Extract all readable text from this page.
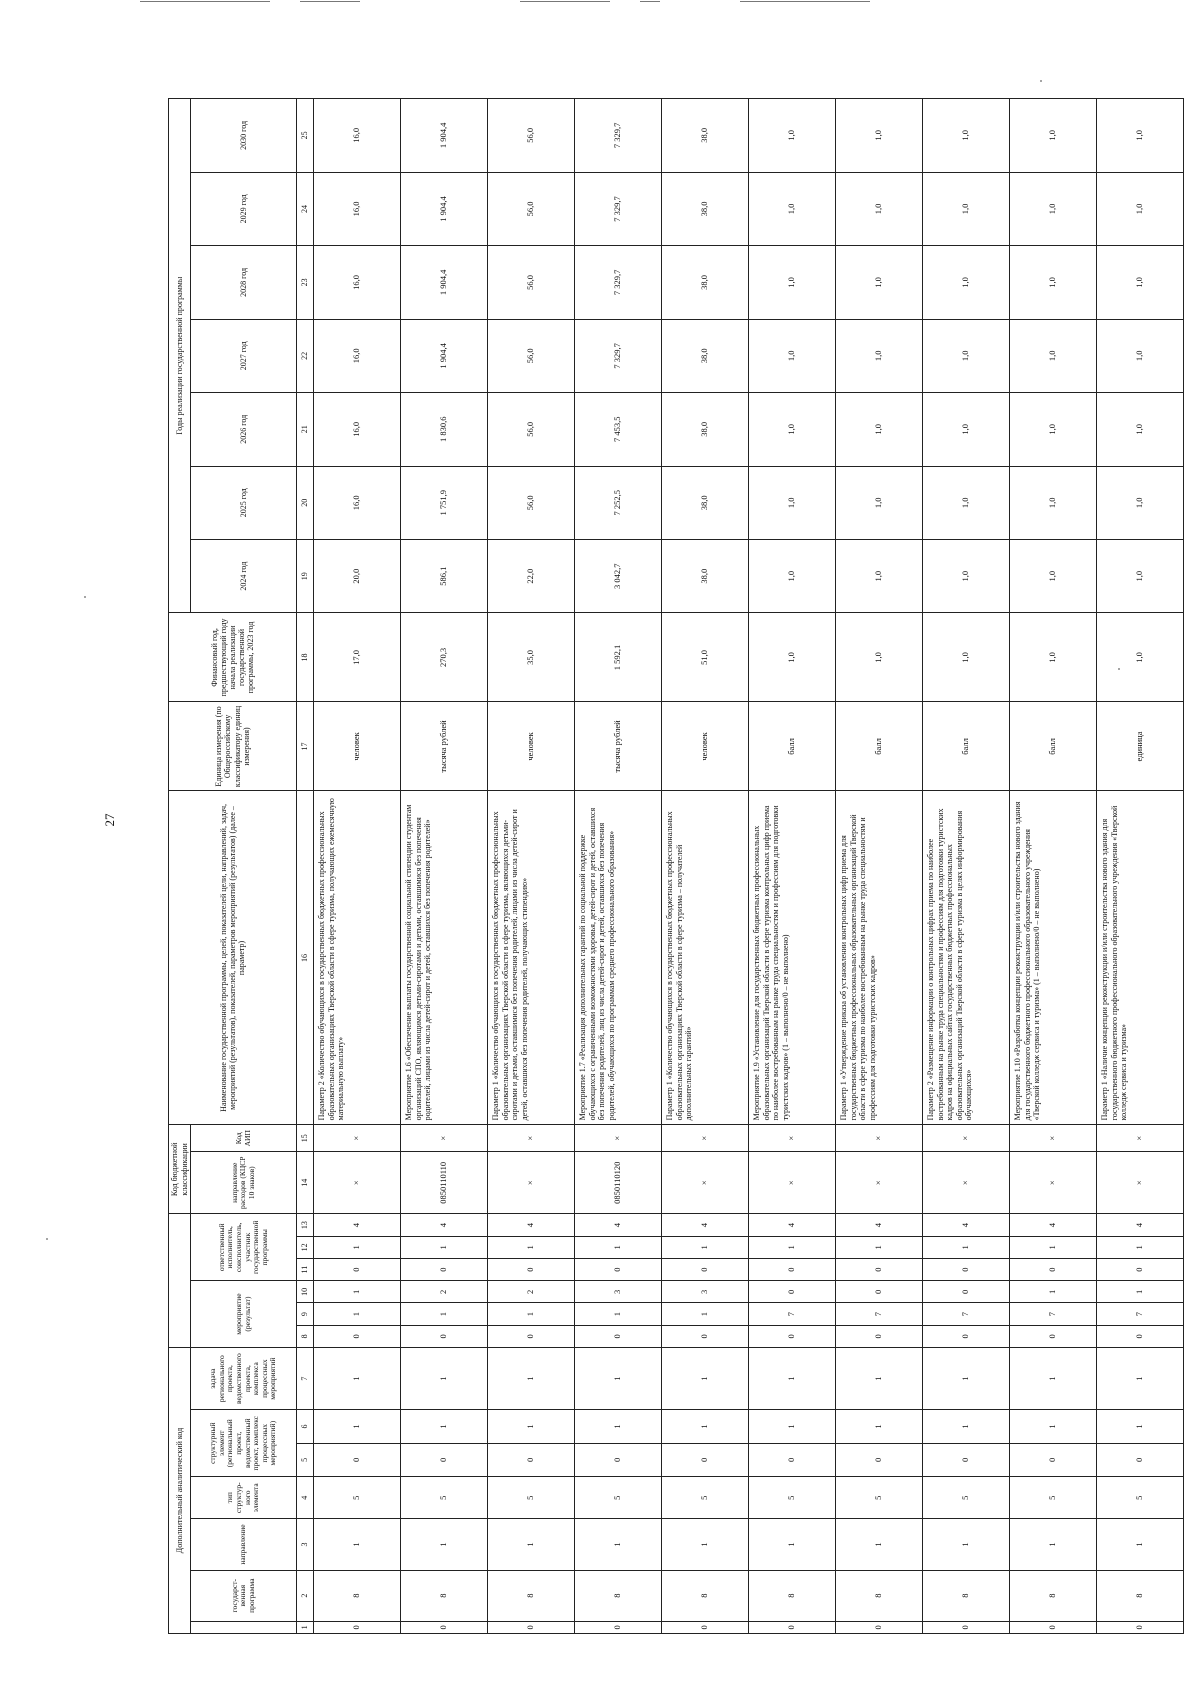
27
Дополнительный аналитический код													Код бюджетной классификации		Наименование государственной программы, целей, показателей цели, направлений, задач, мероприятий (результатов), показателей, параметров мероприятий (результатов) (далее – параметр)	Единица измерения (по Общероссийскому классификатору единиц измерения)	Финансовый год, предшествующий году начала реализации государственной программы, 2023 год	Годы реализации государственной программы						
	государст-венная программа	направление	тип структур-ного элемента	структурный элемент (региональный проект, ведомственный проект, комплекс процессных мероприятий)		задача регионального проекта, ведомственного проекта, комплекса процессных мероприятий	мероприятие (результат)			ответственный исполнитель, соисполнитель, участник государственной программы			направление расходов (КЦСР 10 знаков)	Код АИП				2024 год	2025 год	2026 год	2027 год	2028 год	2029 год	2030 год

1	2	3	4	5	6	7	8	9	10	11	12	13	14	15	16	17	18	19	20	21	22	23	24	25
0	8	1	5	0	1	1	0	1	1	0	1	4	×	×	Параметр 2 «Количество обучающихся в государственных бюджетных профессиональных образовательных организациях Тверской области в сфере туризма, получающих ежемесячную материальную выплату»	человек	17,0	20,0	16,0	16,0	16,0	16,0	16,0	16,0
0	8	1	5	0	1	1	0	1	2	0	1	4	0850110110	×	Мероприятие 1.6 «Обеспечение выплаты государственной социальной стипендии студентам организаций СПО, являющимся детьми-сиротами и детьми, оставшимися без попечения родителей, лицами из числа детей-сирот и детей, оставшихся без попечения родителей»	тысяча рублей	270,3	586,1	1 751,9	1 830,6	1 904,4	1 904,4	1 904,4	1 904,4
0	8	1	5	0	1	1	0	1	2	0	1	4	×	×	Параметр 1 «Количество обучающихся в государственных бюджетных профессиональных образовательных организациях Тверской области в сфере туризма, являющихся детьми-сиротами и детьми, оставшимися без попечения родителей, лицами из числа детей-сирот и детей, оставшихся без попечения родителей, получающих стипендию»	человек	35,0	22,0	56,0	56,0	56,0	56,0	56,0	56,0
0	8	1	5	0	1	1	0	1	3	0	1	4	0850110120	×	Мероприятие 1.7 «Реализация дополнительных гарантий по социальной поддержке обучающихся с ограниченными возможностями здоровья, детей-сирот и детей, оставшихся без попечения родителей, лиц из числа детей-сирот и детей, оставшихся без попечения родителей, обучающихся по программам среднего профессионального образования»	тысяча рублей	1 592,1	3 042,7	7 252,5	7 453,5	7 329,7	7 329,7	7 329,7	7 329,7
0	8	1	5	0	1	1	0	1	3	0	1	4	×	×	Параметр 1 «Количество обучающихся в государственных бюджетных профессиональных образовательных организациях Тверской области в сфере туризма – получателей дополнительных гарантий»	человек	51,0	38,0	38,0	38,0	38,0	38,0	38,0	38,0
0	8	1	5	0	1	1	0	7	0	0	1	4	×	×	Мероприятие 1.9 «Установление для государственных бюджетных профессиональных образовательных организаций Тверской области в сфере туризма контрольных цифр приема по наиболее востребованным на рынке труда специальностям и профессиям для подготовки туристских кадров» (1 – выполнено/0 – не выполнено)	балл	1,0	1,0	1,0	1,0	1,0	1,0	1,0	1,0
0	8	1	5	0	1	1	0	7	0	0	1	4	×	×	Параметр 1 «Утверждение приказа об установлении контрольных цифр приема для государственных бюджетных профессиональных образовательных организаций Тверской области в сфере туризма по наиболее востребованным на рынке труда специальностям и профессиям для подготовки туристских кадров»	балл	1,0	1,0	1,0	1,0	1,0	1,0	1,0	1,0
0	8	1	5	0	1	1	0	7	0	0	1	4	×	×	Параметр 2 «Размещение информации о контрольных цифрах приема по наиболее востребованным на рынке труда специальностям и профессиям для подготовки туристских кадров на официальных сайтах государственных бюджетных профессиональных образовательных организаций Тверской области в сфере туризма в целях информирования обучающихся»	балл	1,0	1,0	1,0	1,0	1,0	1,0	1,0	1,0
0	8	1	5	0	1	1	0	7	1	0	1	4	×	×	Мероприятие 1.10 «Разработка концепции реконструкции и/или строительства нового здания для государственного бюджетного профессионального образовательного учреждения «Тверской колледж сервиса и туризма» (1 – выполнено/0 – не выполнено)	балл	1,0	1,0	1,0	1,0	1,0	1,0	1,0	1,0
0	8	1	5	0	1	1	0	7	1	0	1	4	×	×	Параметр 1 «Наличие концепции реконструкции и/или строительства нового здания для государственного бюджетного профессионального образовательного учреждения «Тверской колледж сервиса и туризма»	единица	1,0	1,0	1,0	1,0	1,0	1,0	1,0	1,0
